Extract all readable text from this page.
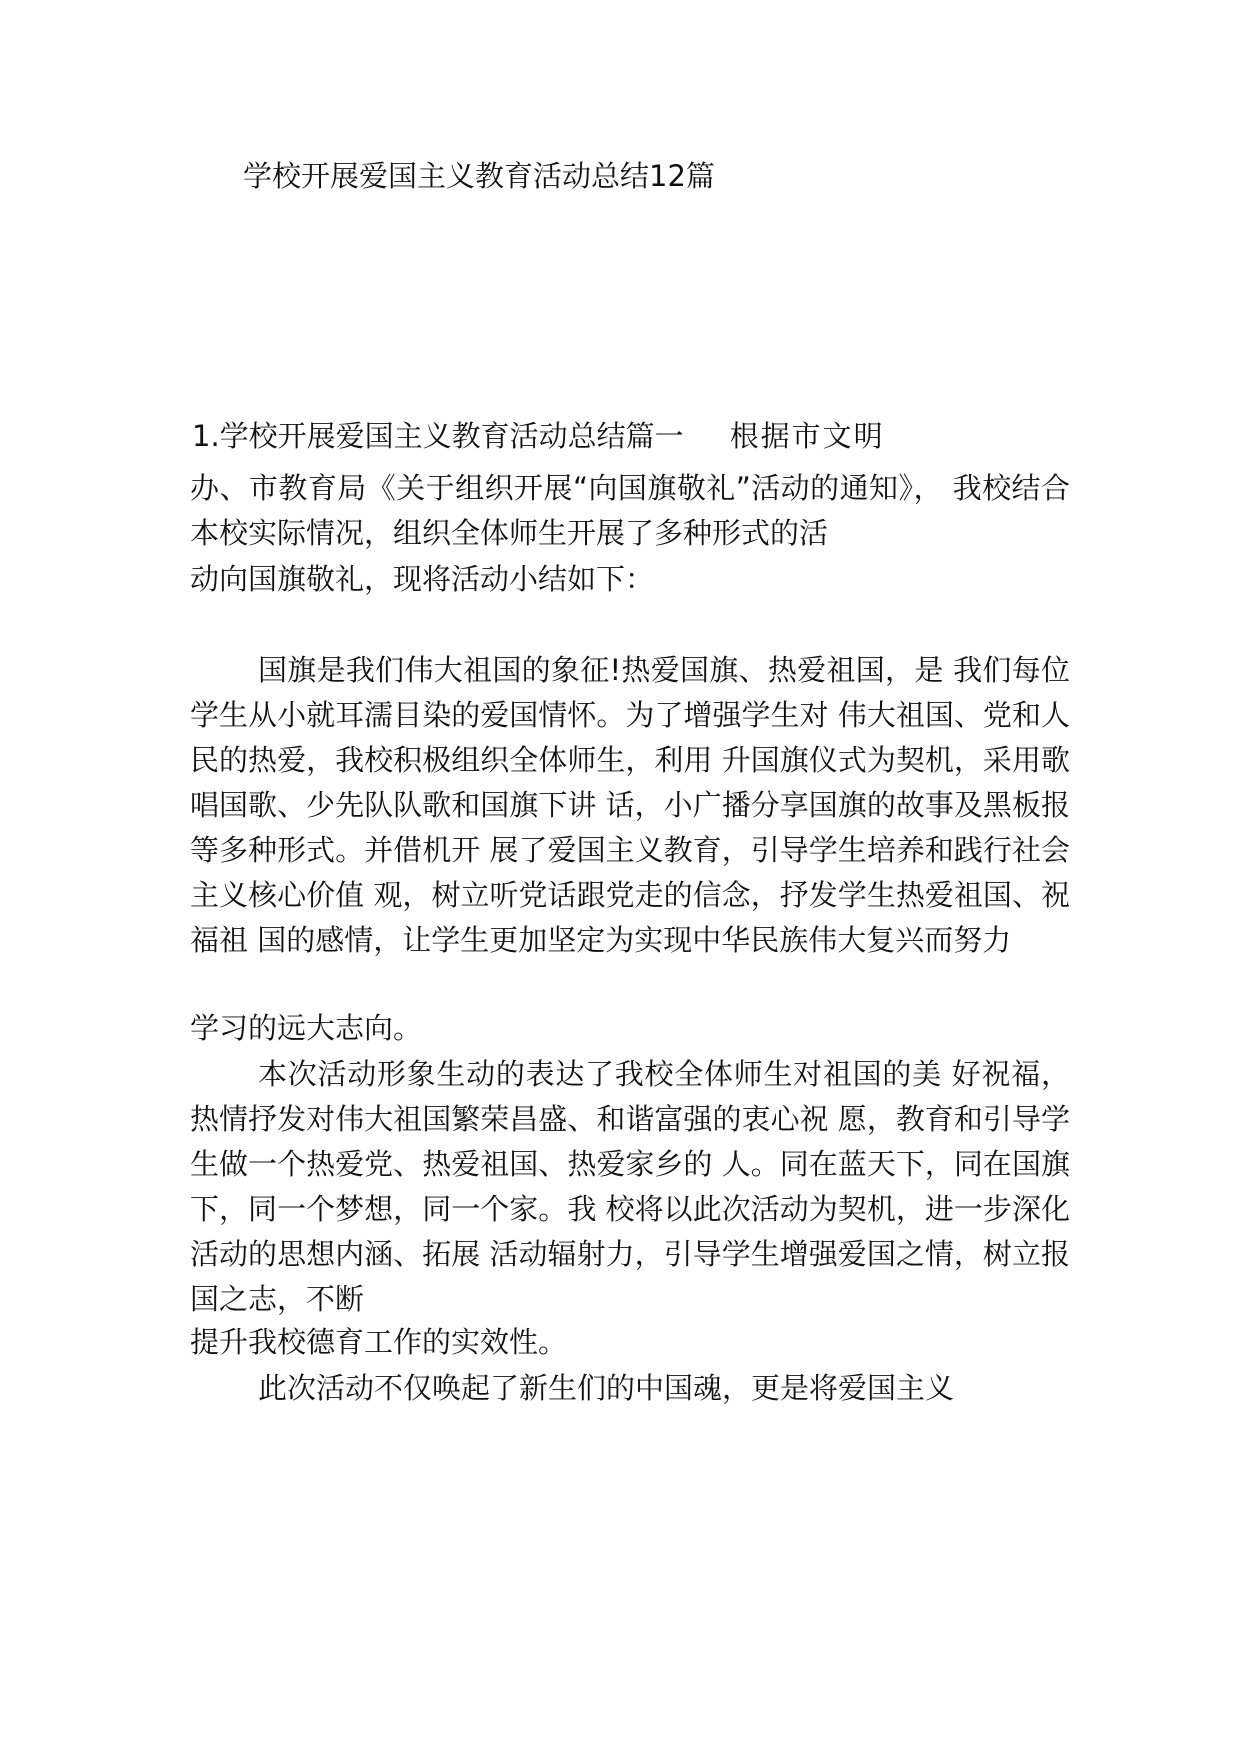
学校开展爱国主义教育活动总结12篇
1.学校开展爱国主义教育活动总结篇一 根据市文明

办、市教育局《关于组织开展“向国旗敬礼”活动的通知》， 我校结合本校实际情况，组织全体师生开展了多种形式的活

动向国旗敬礼，现将活动小结如下：

国旗是我们伟大祖国的象征!热爱国旗、热爱祖国，是 我们每位学生从小就耳濡目染的爱国情怀。为了增强学生对 伟大祖国、党和人民的热爱，我校积极组织全体师生，利用 升国旗仪式为契机，采用歌唱国歌、少先队队歌和国旗下讲 话，小广播分享国旗的故事及黑板报等多种形式。并借机开 展了爱国主义教育，引导学生培养和践行社会主义核心价值 观，树立听党话跟党走的信念，抒发学生热爱祖国、祝福祖 国的感情，让学生更加坚定为实现中华民族伟大复兴而努力

学习的远大志向。

本次活动形象生动的表达了我校全体师生对祖国的美 好祝福，热情抒发对伟大祖国繁荣昌盛、和谐富强的衷心祝 愿，教育和引导学生做一个热爱党、热爱祖国、热爱家乡的 人。同在蓝天下，同在国旗下，同一个梦想，同一个家。我 校将以此次活动为契机，进一步深化活动的思想内涵、拓展 活动辐射力，引导学生增强爱国之情，树立报国之志，不断

提升我校德育工作的实效性。

此次活动不仅唤起了新生们的中国魂，更是将爱国主义
